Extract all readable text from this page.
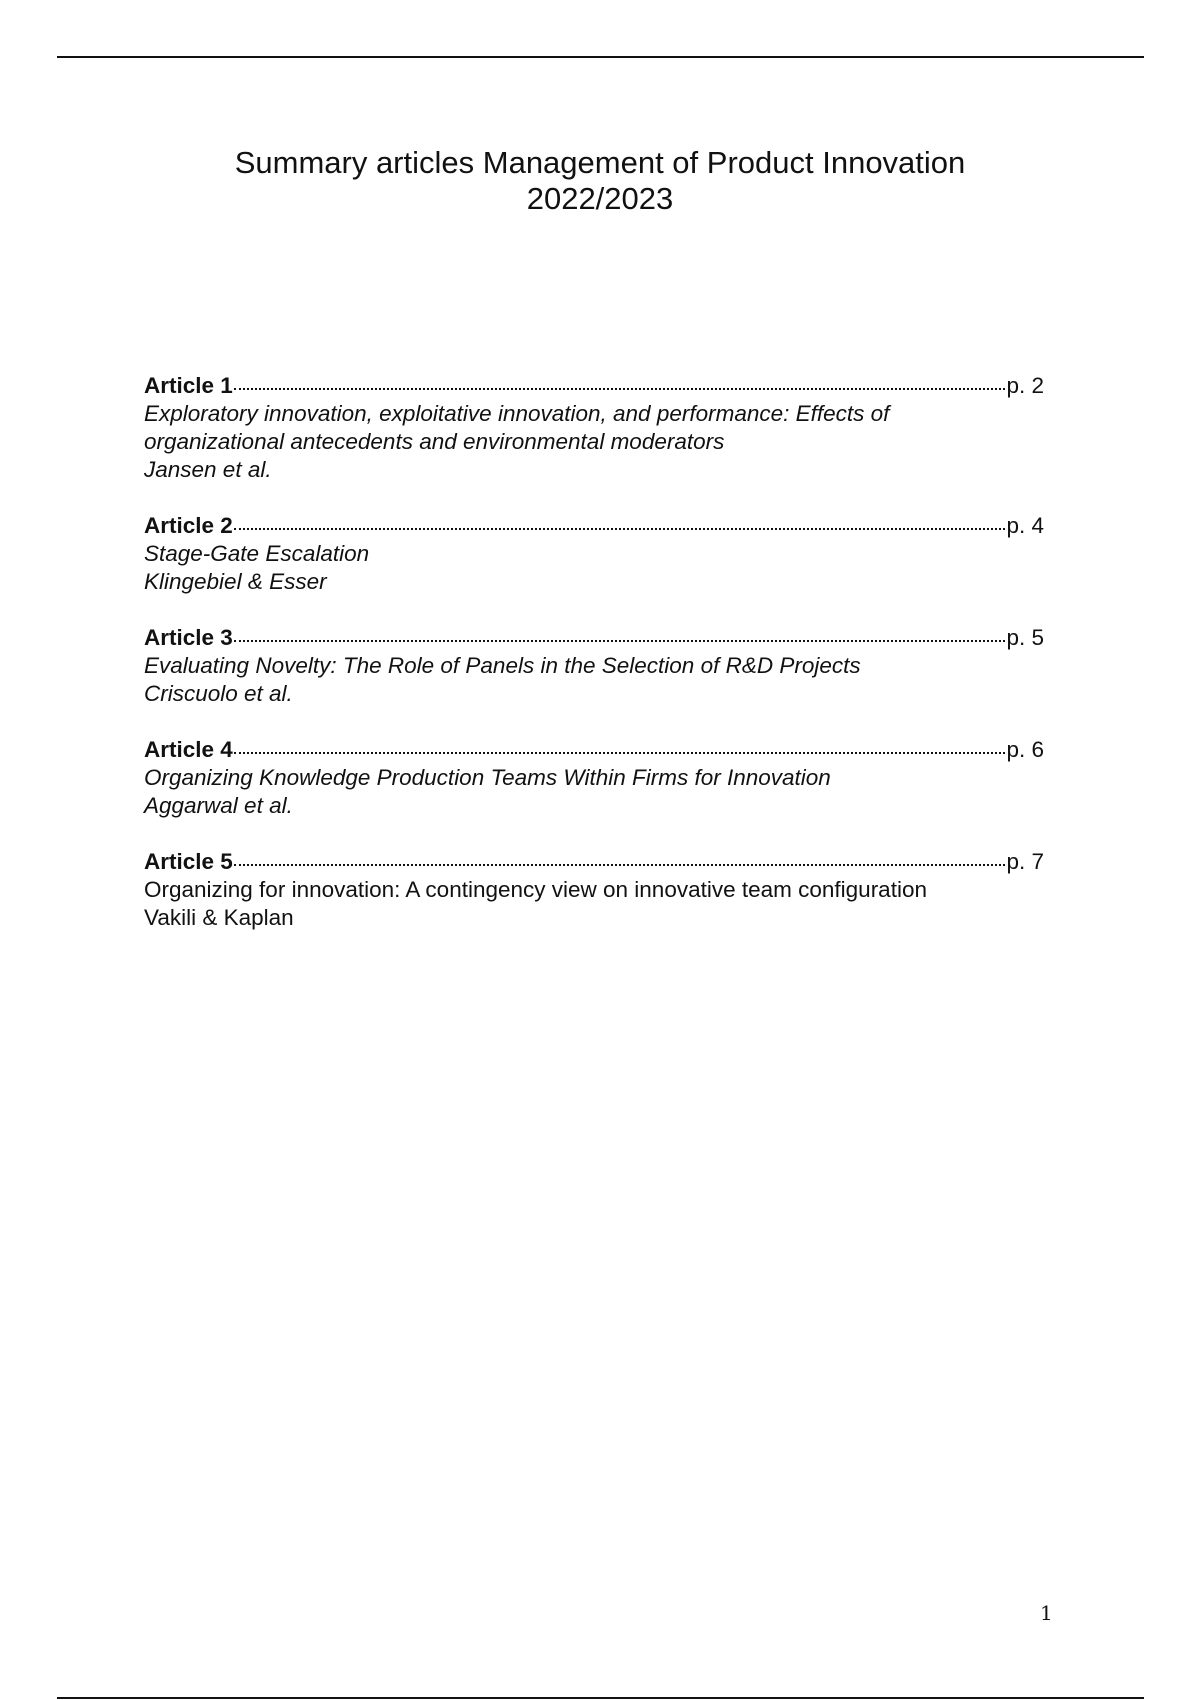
Summary articles Management of Product Innovation
2022/2023
Article 1	p. 2
Exploratory innovation, exploitative innovation, and performance: Effects of
organizational antecedents and environmental moderators
Jansen et al.
Article 2	p. 4
Stage-Gate Escalation
Klingebiel & Esser
Article 3	p. 5
Evaluating Novelty: The Role of Panels in the Selection of R&D Projects
Criscuolo et al.
Article 4	p. 6
Organizing Knowledge Production Teams Within Firms for Innovation
Aggarwal et al.
Article 5	p. 7
Organizing for innovation: A contingency view on innovative team configuration
Vakili & Kaplan
1
